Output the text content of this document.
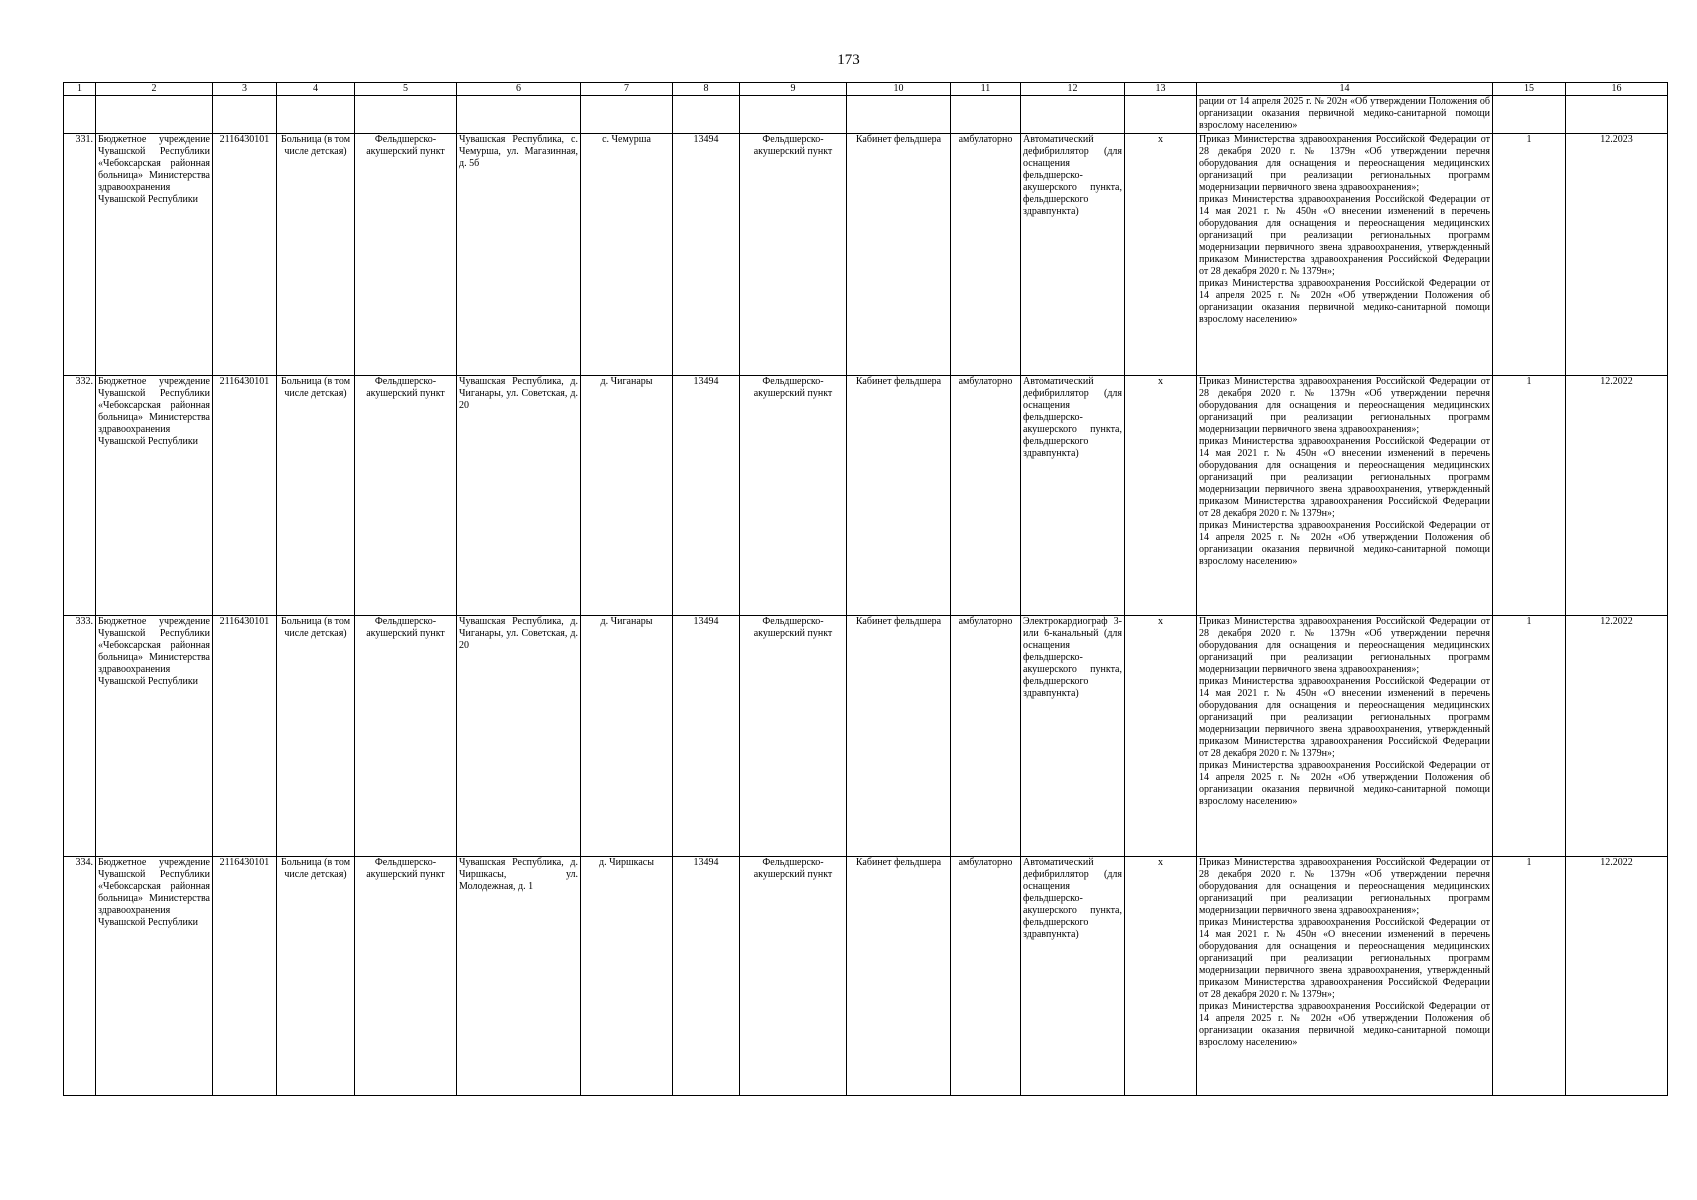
173
1	2	3	4	5	6	7	8	9	10	11	12	13	14	15	16
													рации от 14 апреля 2025 г. № 202н «Об утверждении Положения об организации оказания первичной медико-санитарной помощи взрослому населению»		
331.	Бюджетное учреждение Чувашской Республики «Чебоксарская районная больница» Министерства здравоохранения Чувашской Республики	2116430101	Больница (в том числе детская)	Фельдшерско-акушерский пункт	Чувашская Республика, с. Чемурша, ул. Магазинная, д. 5б	с. Чемурша	13494	Фельдшерско-акушерский пункт	Кабинет фельдшера	амбулаторно	Автоматический дефибриллятор (для оснащения фельдшерско-акушерского пункта, фельдшерского здравпункта)	х	Приказ Министерства здравоохранения Российской Федерации от 28 декабря 2020 г. № 1379н «Об утверждении перечня оборудования для оснащения и переоснащения медицинских организаций при реализации региональных программ модернизации первичного звена здравоохранения»;
приказ Министерства здравоохранения Российской Федерации от 14 мая 2021 г. № 450н «О внесении изменений в перечень оборудования для оснащения и переоснащения медицинских организаций при реализации региональных программ модернизации первичного звена здравоохранения, утвержденный приказом Министерства здравоохранения Российской Федерации от 28 декабря 2020 г. № 1379н»;
приказ Министерства здравоохранения Российской Федерации от 14 апреля 2025 г. № 202н «Об утверждении Положения об организации оказания первичной медико-санитарной помощи взрослому населению»	1	12.2023
332.	Бюджетное учреждение Чувашской Республики «Чебоксарская районная больница» Министерства здравоохранения Чувашской Республики	2116430101	Больница (в том числе детская)	Фельдшерско-акушерский пункт	Чувашская Республика, д. Чиганары, ул. Советская, д. 20	д. Чиганары	13494	Фельдшерско-акушерский пункт	Кабинет фельдшера	амбулаторно	Автоматический дефибриллятор (для оснащения фельдшерско-акушерского пункта, фельдшерского здравпункта)	х	Приказ Министерства здравоохранения Российской Федерации от 28 декабря 2020 г. № 1379н «Об утверждении перечня оборудования для оснащения и переоснащения медицинских организаций при реализации региональных программ модернизации первичного звена здравоохранения»;
приказ Министерства здравоохранения Российской Федерации от 14 мая 2021 г. № 450н «О внесении изменений в перечень оборудования для оснащения и переоснащения медицинских организаций при реализации региональных программ модернизации первичного звена здравоохранения, утвержденный приказом Министерства здравоохранения Российской Федерации от 28 декабря 2020 г. № 1379н»;
приказ Министерства здравоохранения Российской Федерации от 14 апреля 2025 г. № 202н «Об утверждении Положения об организации оказания первичной медико-санитарной помощи взрослому населению»	1	12.2022
333.	Бюджетное учреждение Чувашской Республики «Чебоксарская районная больница» Министерства здравоохранения Чувашской Республики	2116430101	Больница (в том числе детская)	Фельдшерско-акушерский пункт	Чувашская Республика, д. Чиганары, ул. Советская, д. 20	д. Чиганары	13494	Фельдшерско-акушерский пункт	Кабинет фельдшера	амбулаторно	Электрокардиограф 3- или 6-канальный (для оснащения фельдшерско-акушерского пункта, фельдшерского здравпункта)	х	Приказ Министерства здравоохранения Российской Федерации от 28 декабря 2020 г. № 1379н «Об утверждении перечня оборудования для оснащения и переоснащения медицинских организаций при реализации региональных программ модернизации первичного звена здравоохранения»;
приказ Министерства здравоохранения Российской Федерации от 14 мая 2021 г. № 450н «О внесении изменений в перечень оборудования для оснащения и переоснащения медицинских организаций при реализации региональных программ модернизации первичного звена здравоохранения, утвержденный приказом Министерства здравоохранения Российской Федерации от 28 декабря 2020 г. № 1379н»;
приказ Министерства здравоохранения Российской Федерации от 14 апреля 2025 г. № 202н «Об утверждении Положения об организации оказания первичной медико-санитарной помощи взрослому населению»	1	12.2022
334.	Бюджетное учреждение Чувашской Республики «Чебоксарская районная больница» Министерства здравоохранения Чувашской Республики	2116430101	Больница (в том числе детская)	Фельдшерско-акушерский пункт	Чувашская Республика, д. Чиршкасы, ул. Молодежная, д. 1	д. Чиршкасы	13494	Фельдшерско-акушерский пункт	Кабинет фельдшера	амбулаторно	Автоматический дефибриллятор (для оснащения фельдшерско-акушерского пункта, фельдшерского здравпункта)	х	Приказ Министерства здравоохранения Российской Федерации от 28 декабря 2020 г. № 1379н «Об утверждении перечня оборудования для оснащения и переоснащения медицинских организаций при реализации региональных программ модернизации первичного звена здравоохранения»;
приказ Министерства здравоохранения Российской Федерации от 14 мая 2021 г. № 450н «О внесении изменений в перечень оборудования для оснащения и переоснащения медицинских организаций при реализации региональных программ модернизации первичного звена здравоохранения, утвержденный приказом Министерства здравоохранения Российской Федерации от 28 декабря 2020 г. № 1379н»;
приказ Министерства здравоохранения Российской Федерации от 14 апреля 2025 г. № 202н «Об утверждении Положения об организации оказания первичной медико-санитарной помощи взрослому населению»	1	12.2022
